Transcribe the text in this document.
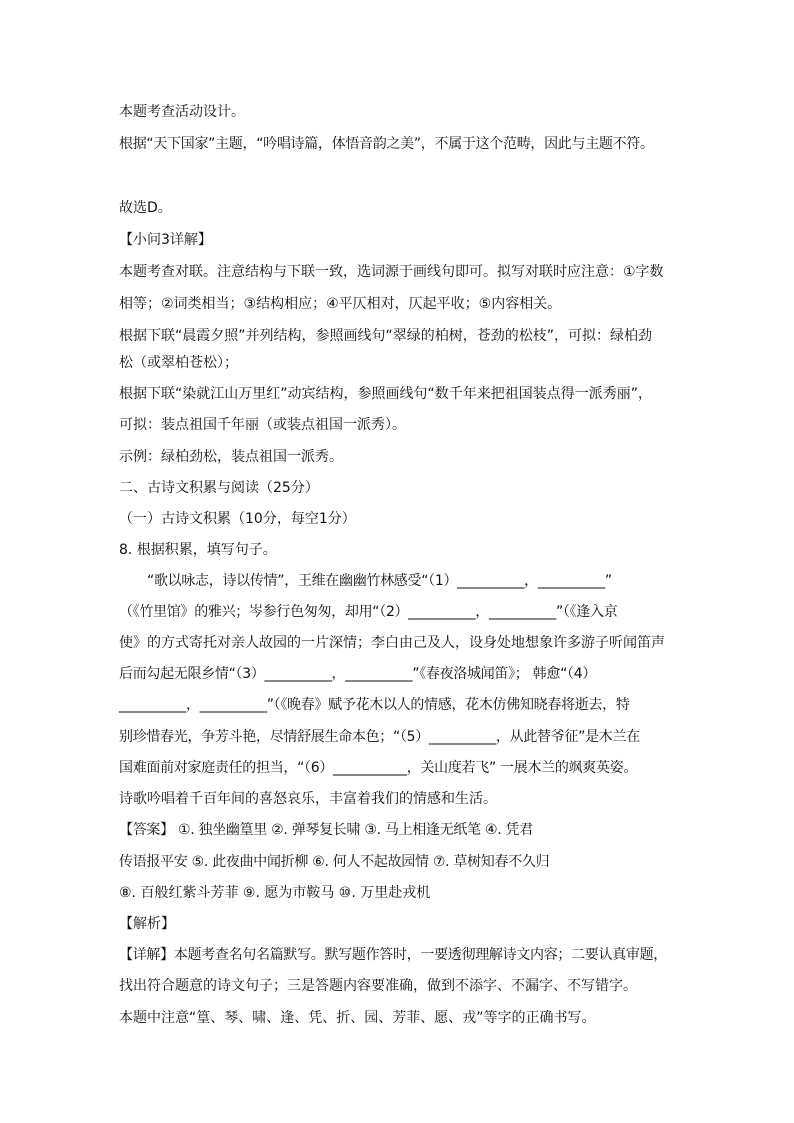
本题考查活动设计。
根据“天下国家”主题，“吟唱诗篇，体悟音韵之美”，不属于这个范畴，因此与主题不符。
故选D。
【小问3详解】
本题考查对联。注意结构与下联一致，选词源于画线句即可。拟写对联时应注意：①字数
相等；②词类相当；③结构相应；④平仄相对，仄起平收；⑤内容相关。
根据下联“晨霞夕照”并列结构，参照画线句“翠绿的柏树，苍劲的松枝”，可拟：绿柏劲
松（或翠柏苍松）；
根据下联“染就江山万里红”动宾结构，参照画线句“数千年来把祖国装点得一派秀丽”，
可拟：装点祖国千年丽（或装点祖国一派秀）。
示例：绿柏劲松，装点祖国一派秀。
二、古诗文积累与阅读（25分）
（一）古诗文积累（10分，每空1分）
8. 根据积累，填写句子。
“歌以咏志，诗以传情”，王维在幽幽竹林感受“（1）__________，__________”
（《竹里馆》的雅兴；岑参行色匆匆，却用“（2）__________，__________”（《逢入京
使》的方式寄托对亲人故园的一片深情；李白由己及人，设身处地想象许多游子听闻笛声
后而勾起无限乡情“（3）__________，__________”《春夜洛城闻笛》； 韩愈“（4）
__________，__________”（《晚春》赋予花木以人的情感，花木仿佛知晓春将逝去，特
别珍惜春光，争芳斗艳，尽情舒展生命本色；“（5）__________，从此替爷征”是木兰在
国难面前对家庭责任的担当，“（6）___________，关山度若飞” 一展木兰的飒爽英姿。
诗歌吟唱着千百年间的喜怒哀乐，丰富着我们的情感和生活。
【答案】 ①. 独坐幽篁里 ②. 弹琴复长啸 ③. 马上相逢无纸笔 ④. 凭君
传语报平安 ⑤. 此夜曲中闻折柳 ⑥. 何人不起故园情 ⑦. 草树知春不久归
⑧. 百般红紫斗芳菲 ⑨. 愿为市鞍马 ⑩. 万里赴戎机
【解析】
【详解】本题考查名句名篇默写。默写题作答时，一要透彻理解诗文内容；二要认真审题，
找出符合题意的诗文句子；三是答题内容要准确，做到不添字、不漏字、不写错字。
本题中注意“篁、琴、啸、逢、凭、折、园、芳菲、愿、戎”等字的正确书写。
